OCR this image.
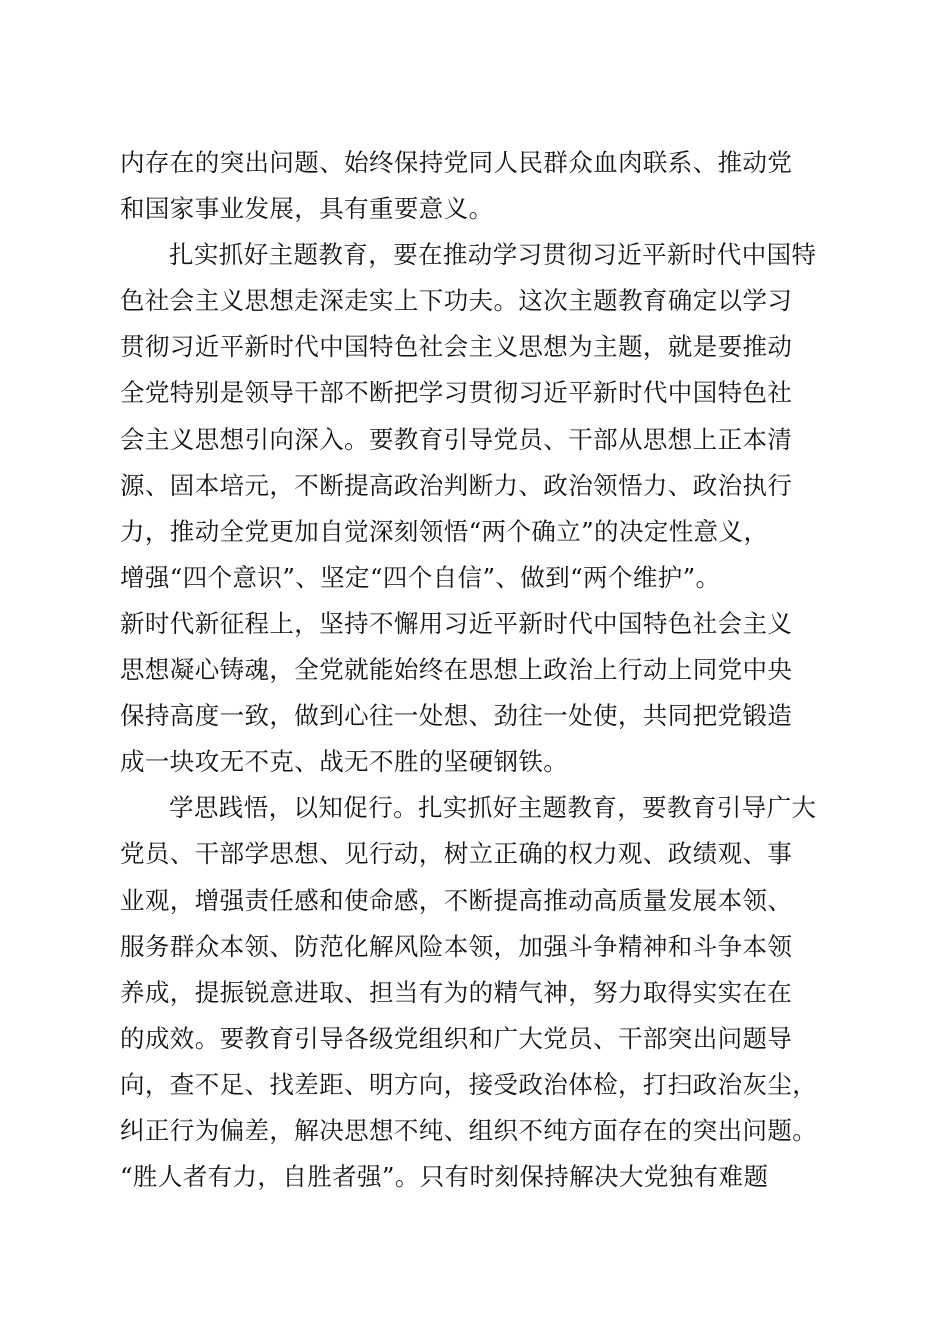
内存在的突出问题、始终保持党同人民群众血肉联系、推动党
和国家事业发展，具有重要意义。
扎实抓好主题教育，要在推动学习贯彻习近平新时代中国特
色社会主义思想走深走实上下功夫。这次主题教育确定以学习
贯彻习近平新时代中国特色社会主义思想为主题，就是要推动
全党特别是领导干部不断把学习贯彻习近平新时代中国特色社
会主义思想引向深入。要教育引导党员、干部从思想上正本清
源、固本培元，不断提高政治判断力、政治领悟力、政治执行
力，推动全党更加自觉深刻领悟“两个确立”的决定性意义，
增强“四个意识”、坚定“四个自信”、做到“两个维护”。
新时代新征程上，坚持不懈用习近平新时代中国特色社会主义
思想凝心铸魂，全党就能始终在思想上政治上行动上同党中央
保持高度一致，做到心往一处想、劲往一处使，共同把党锻造
成一块攻无不克、战无不胜的坚硬钢铁。
学思践悟，以知促行。扎实抓好主题教育，要教育引导广大
党员、干部学思想、见行动，树立正确的权力观、政绩观、事
业观，增强责任感和使命感，不断提高推动高质量发展本领、
服务群众本领、防范化解风险本领，加强斗争精神和斗争本领
养成，提振锐意进取、担当有为的精气神，努力取得实实在在
的成效。要教育引导各级党组织和广大党员、干部突出问题导
向，查不足、找差距、明方向，接受政治体检，打扫政治灰尘，
纠正行为偏差，解决思想不纯、组织不纯方面存在的突出问题。
“胜人者有力，自胜者强”。只有时刻保持解决大党独有难题
